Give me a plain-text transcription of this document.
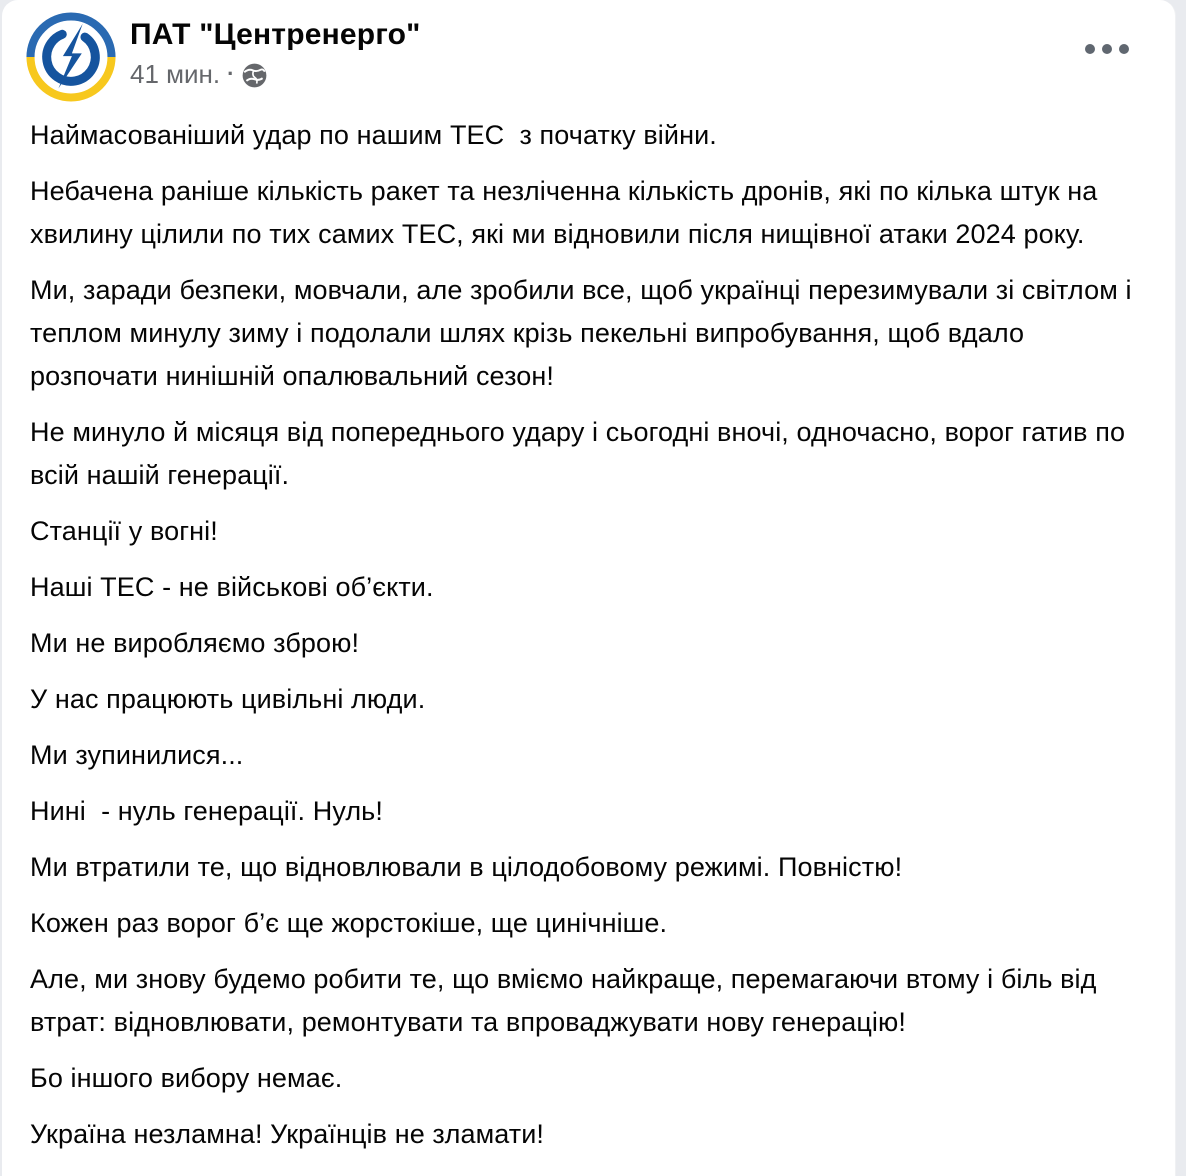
ПАТ "Центренерго"
41 мин. ·

Наймасованіший удар по нашим ТЕС  з початку війни.

Небачена раніше кількість ракет та незліченна кількість дронів, які по кілька штук на хвилину цілили по тих самих ТЕС, які ми відновили після нищівної атаки 2024 року.

Ми, заради безпеки, мовчали, але зробили все, щоб українці перезимували зі світлом і теплом минулу зиму і подолали шлях крізь пекельні випробування, щоб вдало розпочати нинішній опалювальний сезон!

Не минуло й місяця від попереднього удару і сьогодні вночі, одночасно, ворог гатив по всій нашій генерації.

Станції у вогні!

Наші ТЕС - не військові об’єкти.

Ми не виробляємо зброю!

У нас працюють цивільні люди.

Ми зупинилися...

Нині  - нуль генерації. Нуль!

Ми втратили те, що відновлювали в цілодобовому режимі. Повністю!

Кожен раз ворог б’є ще жорстокіше, ще цинічніше.

Але, ми знову будемо робити те, що вміємо найкраще, перемагаючи втому і біль від втрат: відновлювати, ремонтувати та впроваджувати нову генерацію!

Бо іншого вибору немає.

Україна незламна! Українців не зламати!
